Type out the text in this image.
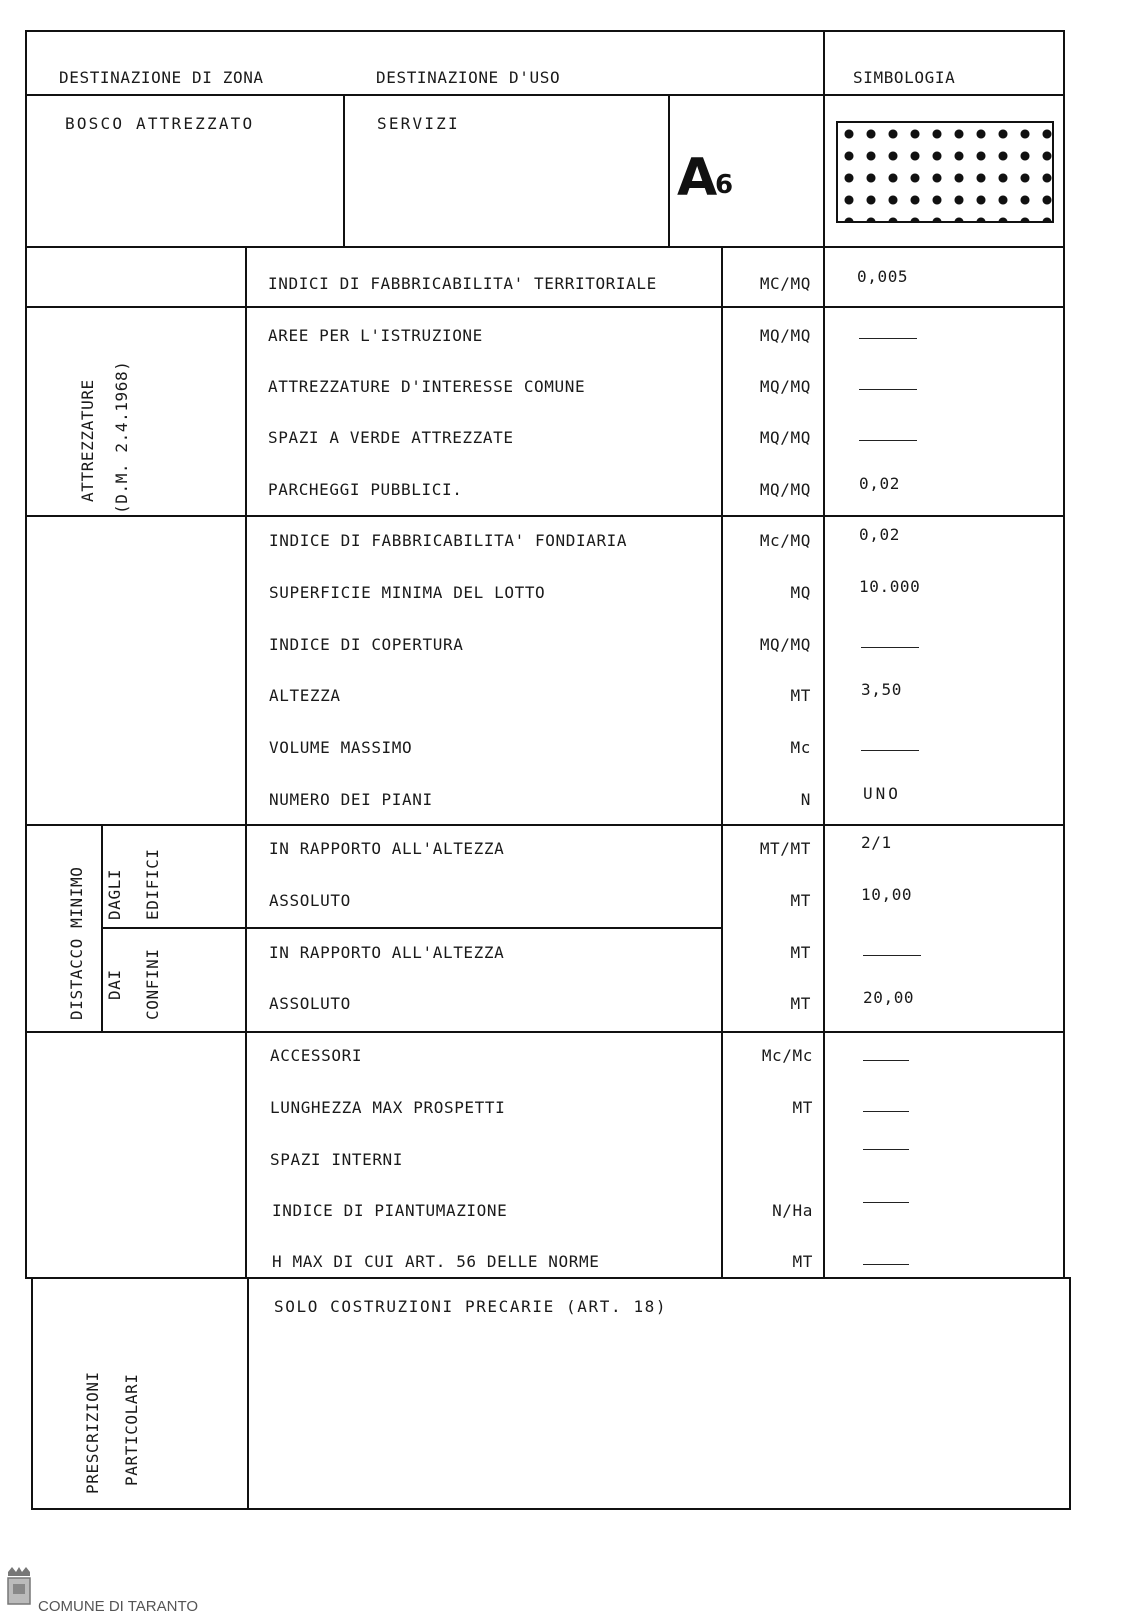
DESTINAZIONE DI ZONA	DESTINAZIONE D'USO	SIMBOLOGIA
BOSCO ATTREZZATO	SERVIZI
A
6
INDICI DI FABBRICABILITA' TERRITORIALE	MC/MQ	0,005
ATTREZZATURE (D.M. 2.4.1968)
AREE PER L'ISTRUZIONE	MQ/MQ
ATTREZZATURE D'INTERESSE COMUNE	MQ/MQ
SPAZI A VERDE ATTREZZATE	MQ/MQ
PARCHEGGI PUBBLICI.	MQ/MQ	0,02
INDICE DI FABBRICABILITA' FONDIARIA	Mc/MQ	0,02
SUPERFICIE MINIMA DEL LOTTO	MQ	10.000
INDICE DI COPERTURA	MQ/MQ
ALTEZZA	MT	3,50
VOLUME MASSIMO	Mc
NUMERO DEI PIANI	N	UNO
DISTACCO MINIMO DAGLI EDIFICI
DAI CONFINI
IN RAPPORTO ALL'ALTEZZA	MT/MT	2/1
ASSOLUTO	MT	10,00
IN RAPPORTO ALL'ALTEZZA	MT
ASSOLUTO	MT	20,00
ACCESSORI	Mc/Mc
LUNGHEZZA MAX PROSPETTI	MT
SPAZI INTERNI
INDICE DI PIANTUMAZIONE	N/Ha
H MAX DI CUI ART. 56 DELLE NORME	MT
PRESCRIZIONI PARTICOLARI
SOLO COSTRUZIONI PRECARIE (ART. 18)
COMUNE DI TARANTO
